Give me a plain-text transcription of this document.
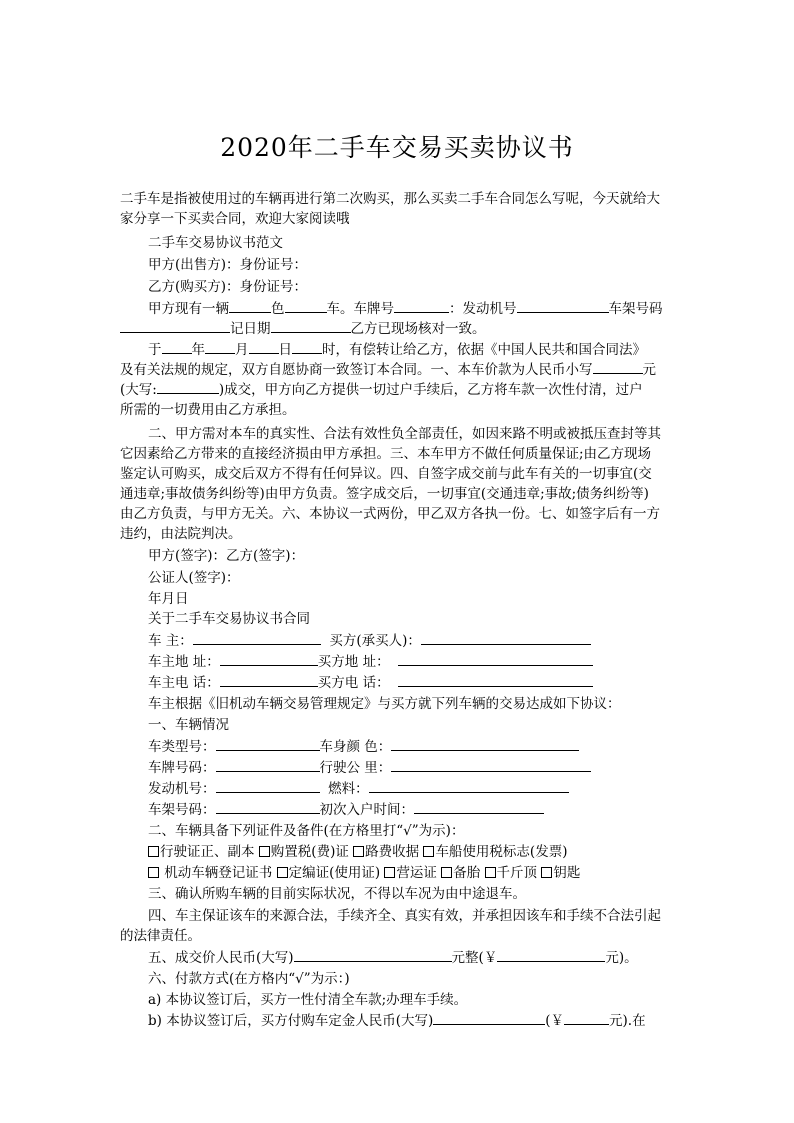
2020年二手车交易买卖协议书
二手车是指被使用过的车辆再进行第二次购买，那么买卖二手车合同怎么写呢，今天就给大
家分享一下买卖合同，欢迎大家阅读哦
二手车交易协议书范文
甲方(出售方)：身份证号：
乙方(购买方)：身份证号：
甲方现有一辆	色	车。车牌号	：发动机号	车架号码
记日期	乙方已现场核对一致。
于 年 月 日 时，有偿转让给乙方，依据《中国人民共和国合同法》
及有关法规的规定，双方自愿协商一致签订本合同。一、本车价款为人民币小写	元
(大写:	)成交，甲方向乙方提供一切过户手续后，乙方将车款一次性付清，过户
所需的一切费用由乙方承担。
二、甲方需对本车的真实性、合法有效性负全部责任，如因来路不明或被抵压查封等其
它因素给乙方带来的直接经济损由甲方承担。三、本车甲方不做任何质量保证;由乙方现场
鉴定认可购买，成交后双方不得有任何异议。四、自签字成交前与此车有关的一切事宜(交
通违章;事故债务纠纷等)由甲方负责。签字成交后，一切事宜(交通违章;事故;债务纠纷等)
由乙方负责，与甲方无关。六、本协议一式两份，甲乙双方各执一份。七、如签字后有一方
违约，由法院判决。
甲方(签字)：乙方(签字)：
公证人(签字)：
年月日
关于二手车交易协议书合同
车 主：	买方(承买人)：
车主地 址：	买方地 址：
车主电 话：	买方电 话：
车主根据《旧机动车辆交易管理规定》与买方就下列车辆的交易达成如下协议：
一、车辆情况
车类型号：	车身颜 色：
车牌号码：	行驶公 里：
发动机号：	燃料：
车架号码：	初次入户时间：
二、车辆具备下列证件及备件(在方格里打“√”为示)：
行驶证正、副本 购置税(费)证 路费收据 车船使用税标志(发票)
机动车辆登记证书 定编证(使用证) 营运证 备胎 千斤顶 钥匙
三、确认所购车辆的目前实际状况，不得以车况为由中途退车。
四、车主保证该车的来源合法，手续齐全、真实有效，并承担因该车和手续不合法引起
的法律责任。
五、成交价人民币(大写)	元整(￥	元)。
六、付款方式(在方格内“√”为示：)
a) 本协议签订后，买方一性付清全车款;办理车手续。
b) 本协议签订后，买方付购车定金人民币(大写)	(￥	元).在
